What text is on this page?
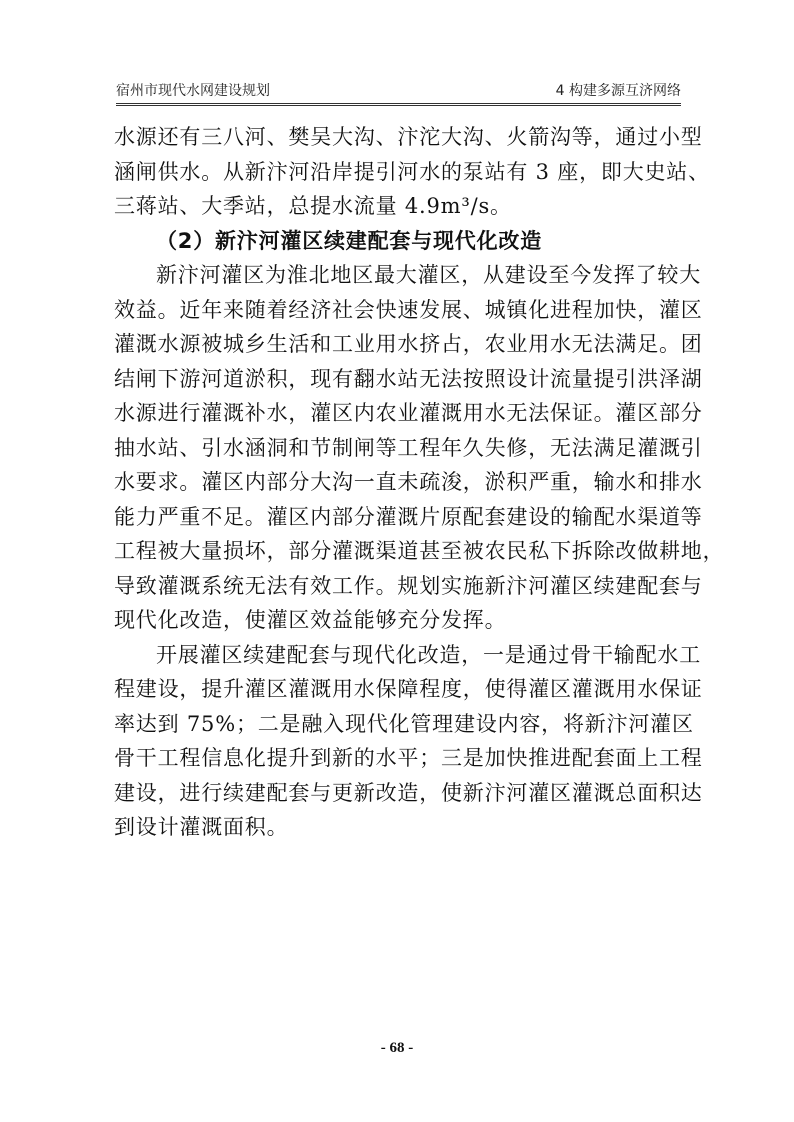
宿州市现代水网建设规划	4 构建多源互济网络
水源还有三八河、樊吴大沟、汴沱大沟、火箭沟等，通过小型
涵闸供水。从新汴河沿岸提引河水的泵站有 3 座，即大史站、
三蒋站、大季站，总提水流量 4.9m³/s。
（2）新汴河灌区续建配套与现代化改造
新汴河灌区为淮北地区最大灌区，从建设至今发挥了较大
效益。近年来随着经济社会快速发展、城镇化进程加快，灌区
灌溉水源被城乡生活和工业用水挤占，农业用水无法满足。团
结闸下游河道淤积，现有翻水站无法按照设计流量提引洪泽湖
水源进行灌溉补水，灌区内农业灌溉用水无法保证。灌区部分
抽水站、引水涵洞和节制闸等工程年久失修，无法满足灌溉引
水要求。灌区内部分大沟一直未疏浚，淤积严重，输水和排水
能力严重不足。灌区内部分灌溉片原配套建设的输配水渠道等
工程被大量损坏，部分灌溉渠道甚至被农民私下拆除改做耕地，
导致灌溉系统无法有效工作。规划实施新汴河灌区续建配套与
现代化改造，使灌区效益能够充分发挥。
开展灌区续建配套与现代化改造，一是通过骨干输配水工
程建设，提升灌区灌溉用水保障程度，使得灌区灌溉用水保证
率达到 75%；二是融入现代化管理建设内容，将新汴河灌区
骨干工程信息化提升到新的水平；三是加快推进配套面上工程
建设，进行续建配套与更新改造，使新汴河灌区灌溉总面积达
到设计灌溉面积。
- 68 -
